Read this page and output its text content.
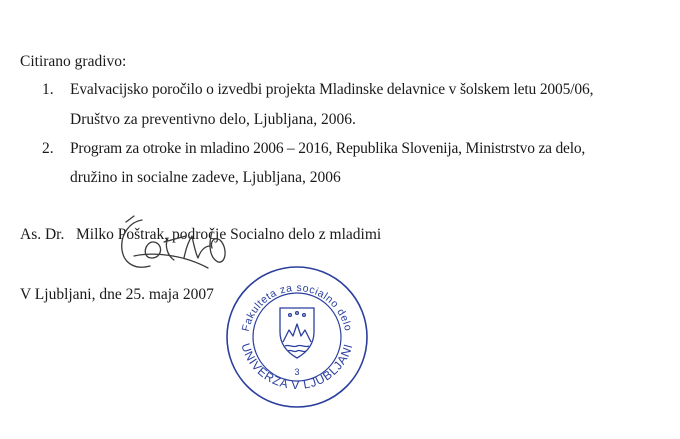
Citirano gradivo:
1. Evalvacijsko poročilo o izvedbi projekta Mladinske delavnice v šolskem letu 2005/06,
Društvo za preventivno delo, Ljubljana, 2006.
2. Program za otroke in mladino 2006 – 2016, Republika Slovenija, Ministrstvo za delo,
družino in socialne zadeve, Ljubljana, 2006
As. Dr.   Milko Poštrak, področje Socialno delo z mladimi
V Ljubljani, dne 25. maja 2007
Fakulteta za socialno delo
UNIVERZA V LJUBLJANI
3
